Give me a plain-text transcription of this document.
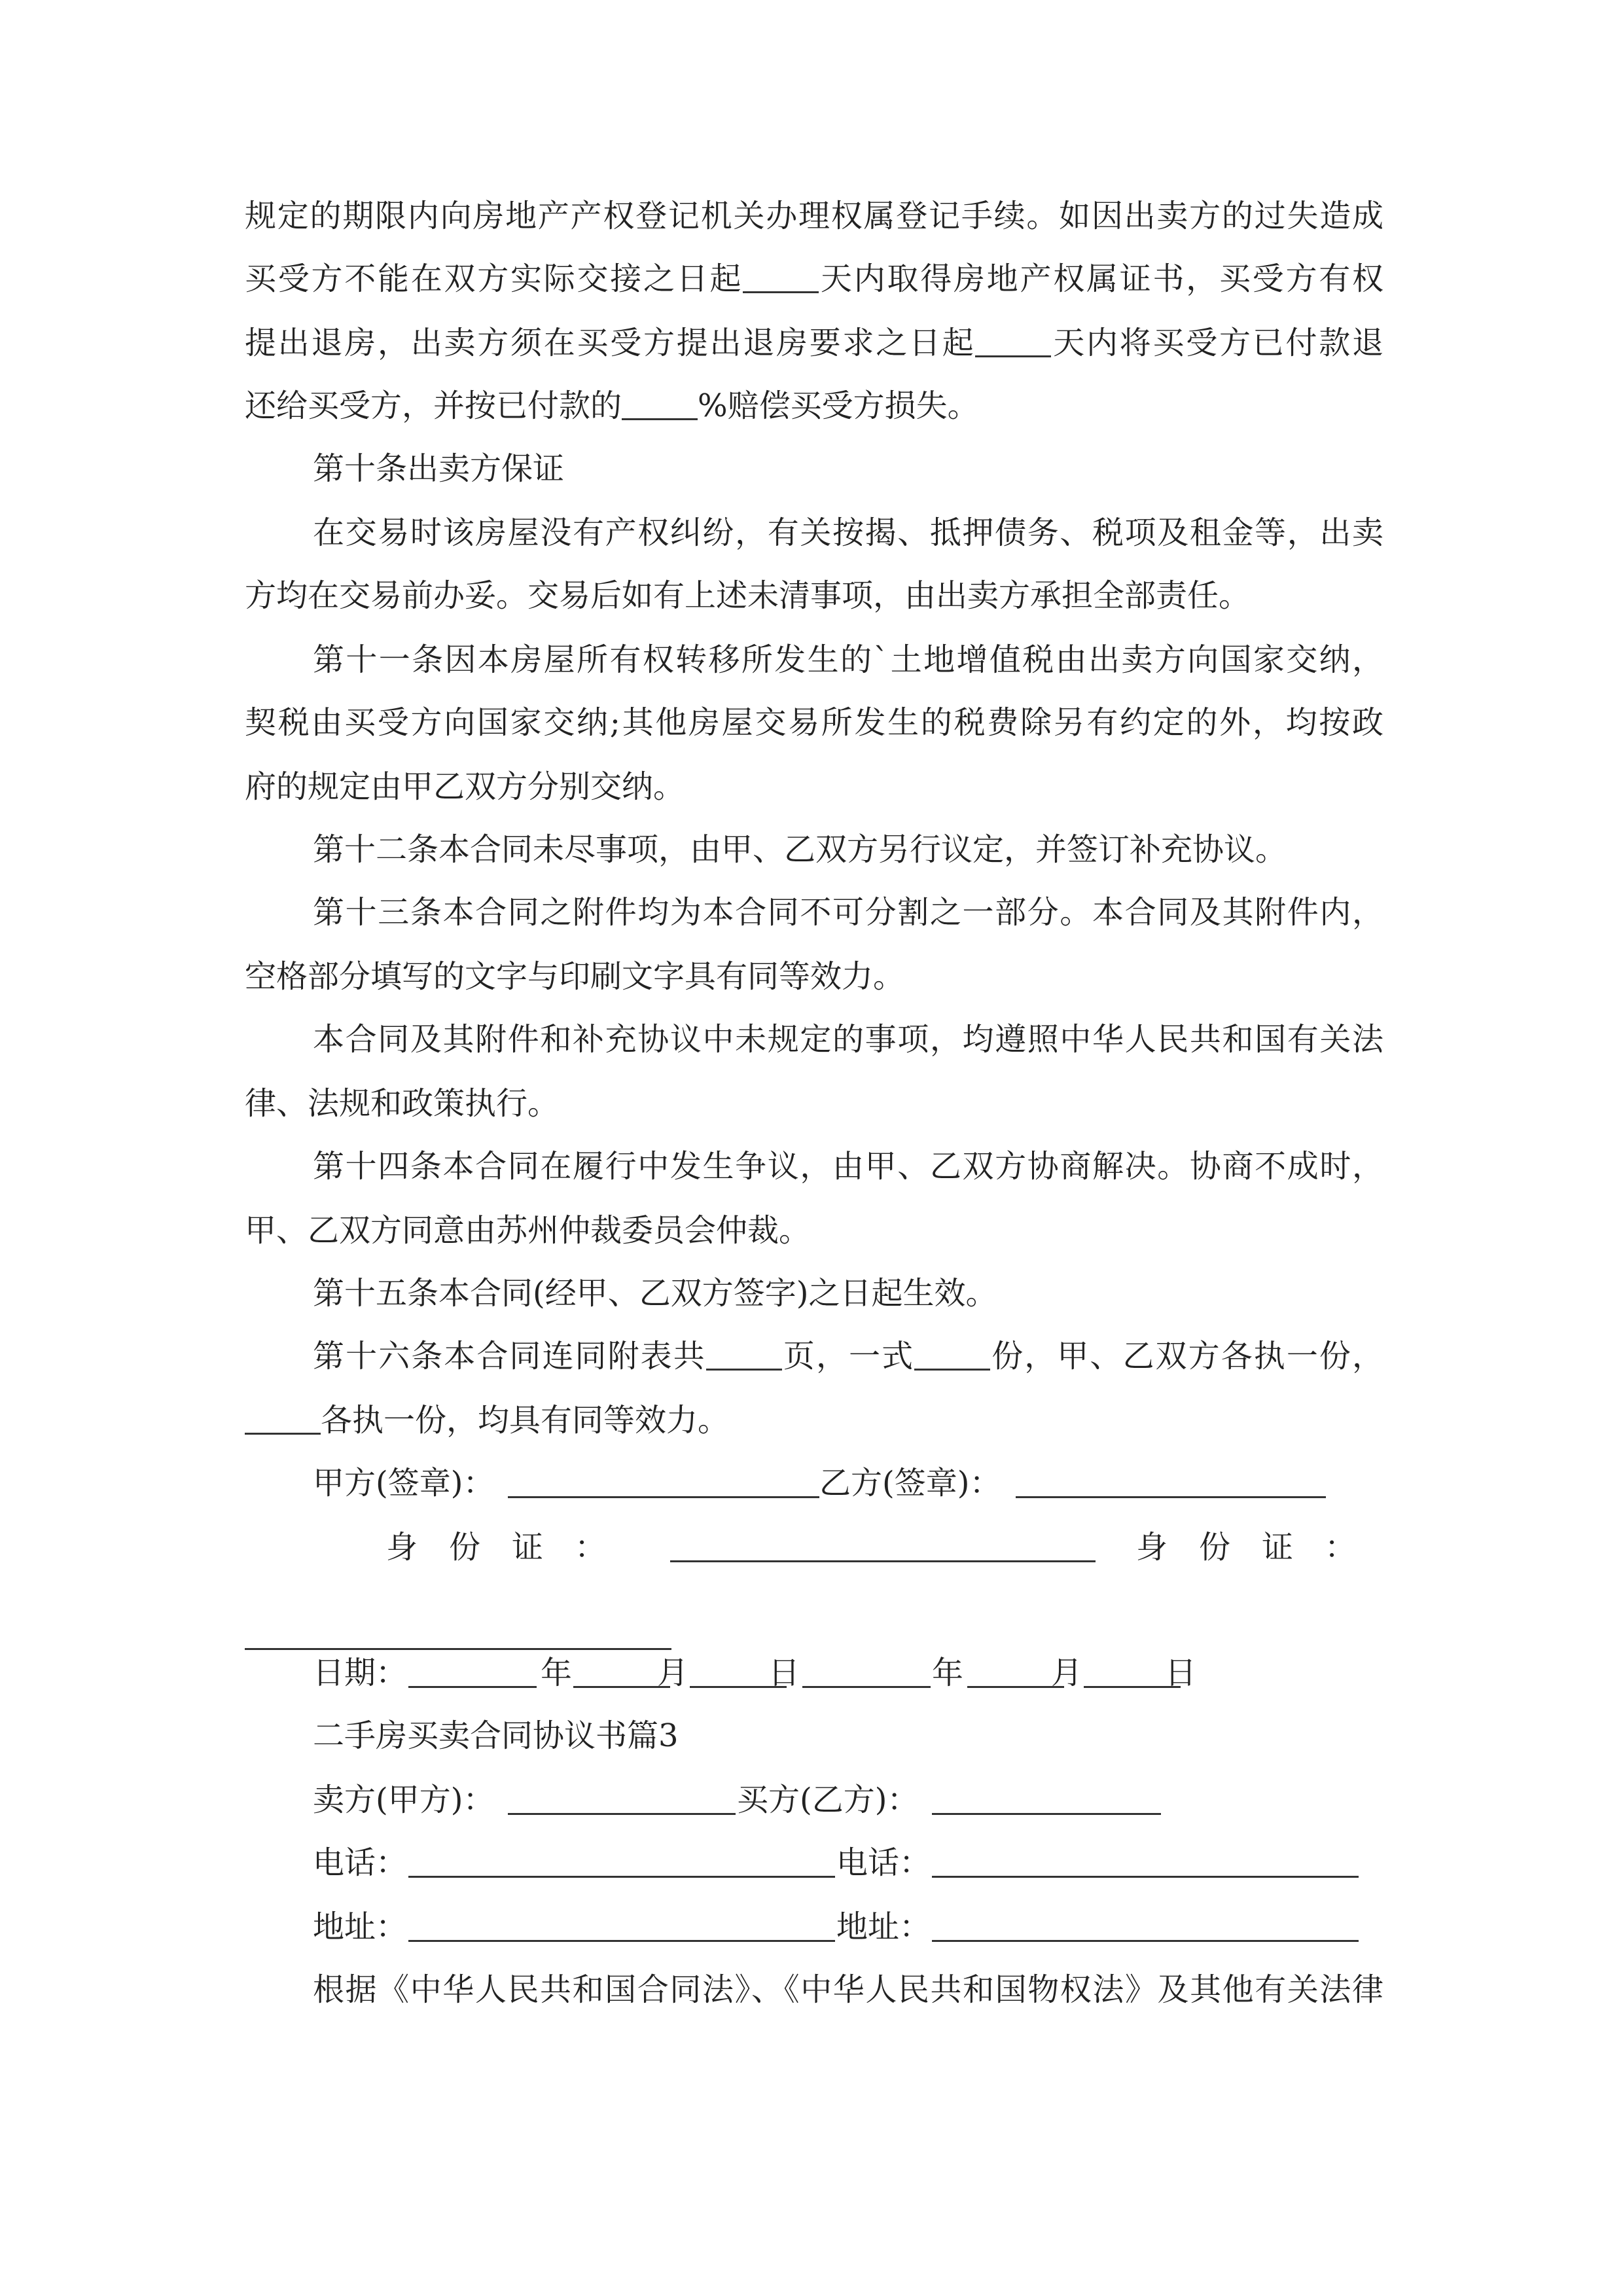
规定的期限内向房地产产权登记机关办理权属登记手续。如因出卖方的过失造成
买受方不能在双方实际交接之日起 天内取得房地产权属证书，买受方有权
提出退房，出卖方须在买受方提出退房要求之日起 天内将买受方已付款退
还给买受方，并按已付款的 %赔偿买受方损失。
第十条出卖方保证
在交易时该房屋没有产权纠纷，有关按揭、抵押债务、税项及租金等，出卖
方均在交易前办妥。交易后如有上述未清事项，由出卖方承担全部责任。
第十一条因本房屋所有权转移所发生的`土地增值税由出卖方向国家交纳，
契税由买受方向国家交纳;其他房屋交易所发生的税费除另有约定的外，均按政
府的规定由甲乙双方分别交纳。
第十二条本合同未尽事项，由甲、乙双方另行议定，并签订补充协议。
第十三条本合同之附件均为本合同不可分割之一部分。本合同及其附件内，
空格部分填写的文字与印刷文字具有同等效力。
本合同及其附件和补充协议中未规定的事项，均遵照中华人民共和国有关法
律、法规和政策执行。
第十四条本合同在履行中发生争议，由甲、乙双方协商解决。协商不成时，
甲、乙双方同意由苏州仲裁委员会仲裁。
第十五条本合同(经甲、乙双方签字)之日起生效。
第十六条本合同连同附表共 页，一式 份，甲、乙双方各执一份，
各执一份，均具有同等效力。
甲方(签章)：	乙方(签章)：
身份证：	身份证：
日期：	年	月	日	年	月	日
二手房买卖合同协议书篇3
卖方(甲方)：	买方(乙方)：
电话：	电话：
地址：	地址：
根据《中华人民共和国合同法》、《中华人民共和国物权法》及其他有关法律
